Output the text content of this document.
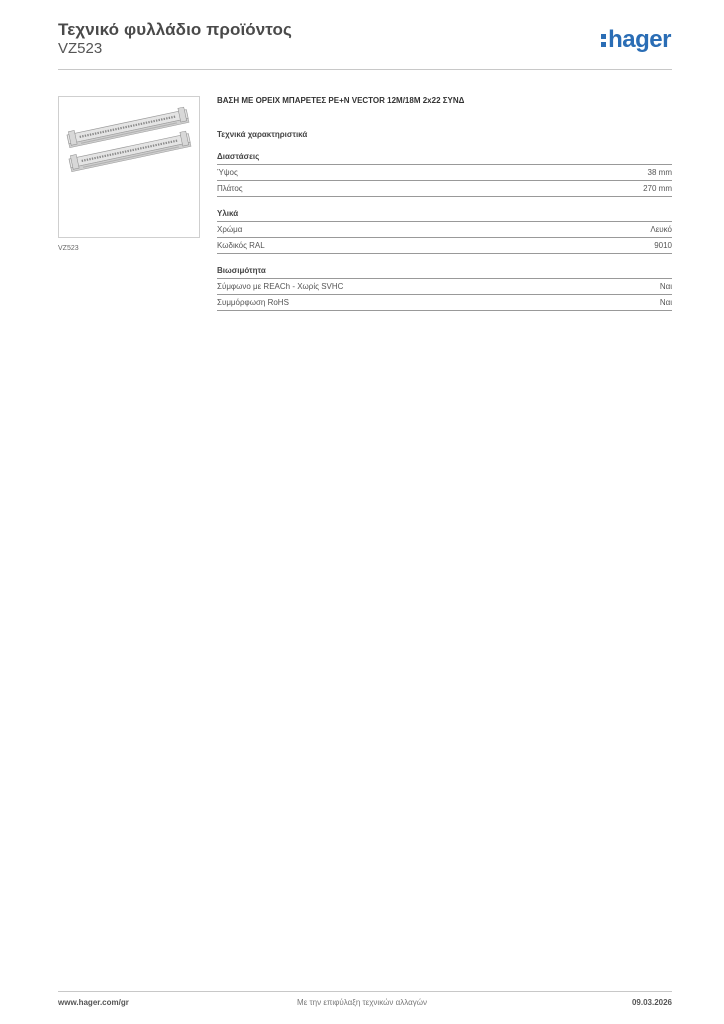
Τεχνικό φυλλάδιο προϊόντος
VZ523	hager
VZ523
ΒΑΣΗ ΜΕ ΟΡΕΙΧ ΜΠΑΡΕΤΕΣ PE+N VECTOR 12M/18M 2x22 ΣΥΝΔ
Τεχνικά χαρακτηριστικά
Διαστάσεις
Ύψος	38 mm
Πλάτος	270 mm
Υλικά
Χρώμα	Λευκό
Κωδικός RAL	9010
Βιωσιμότητα
Σύμφωνο με REACh - Χωρίς SVHC	Ναι
Συμμόρφωση RoHS	Ναι
www.hager.com/gr	Με την επιφύλαξη τεχνικών αλλαγών	09.03.2026
